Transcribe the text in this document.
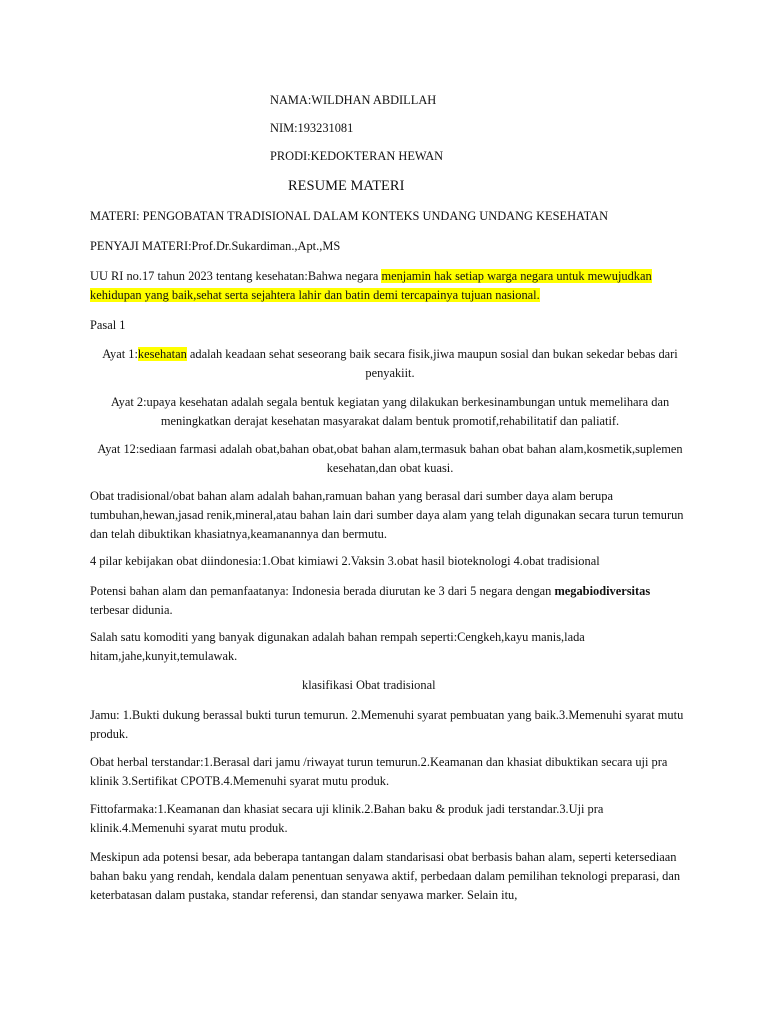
NAMA:WILDHAN ABDILLAH
NIM:193231081
PRODI:KEDOKTERAN HEWAN
RESUME MATERI
MATERI: PENGOBATAN TRADISIONAL DALAM KONTEKS UNDANG UNDANG KESEHATAN
PENYAJI MATERI:Prof.Dr.Sukardiman.,Apt.,MS

UU RI no.17 tahun 2023 tentang kesehatan:Bahwa negara menjamin hak setiap warga negara untuk mewujudkan kehidupan yang baik,sehat serta sejahtera lahir dan batin demi tercapainya tujuan nasional.

Pasal 1

Ayat 1:kesehatan adalah keadaan sehat seseorang baik secara fisik,jiwa maupun sosial dan bukan sekedar bebas dari penyakiit.

Ayat 2:upaya kesehatan adalah segala bentuk kegiatan yang dilakukan berkesinambungan untuk memelihara dan meningkatkan derajat kesehatan masyarakat dalam bentuk promotif,rehabilitatif dan paliatif.

Ayat 12:sediaan farmasi adalah obat,bahan obat,obat bahan alam,termasuk bahan obat bahan alam,kosmetik,suplemen kesehatan,dan obat kuasi.

Obat tradisional/obat bahan alam adalah bahan,ramuan bahan yang berasal dari sumber daya alam berupa tumbuhan,hewan,jasad renik,mineral,atau bahan lain dari sumber daya alam yang telah digunakan secara turun temurun dan telah dibuktikan khasiatnya,keamanannya dan bermutu.

4 pilar kebijakan obat diindonesia:1.Obat kimiawi 2.Vaksin 3.obat hasil bioteknologi 4.obat tradisional

Potensi bahan alam dan pemanfaatanya: Indonesia berada diurutan ke 3 dari 5 negara dengan megabiodiversitas terbesar didunia.

Salah satu komoditi yang banyak digunakan adalah bahan rempah seperti:Cengkeh,kayu manis,lada hitam,jahe,kunyit,temulawak.

klasifikasi Obat tradisional

Jamu: 1.Bukti dukung berassal bukti turun temurun. 2.Memenuhi syarat pembuatan yang baik.3.Memenuhi syarat mutu produk.

Obat herbal terstandar:1.Berasal dari jamu /riwayat turun temurun.2.Keamanan dan khasiat dibuktikan secara uji pra klinik 3.Sertifikat CPOTB.4.Memenuhi syarat mutu produk.

Fittofarmaka:1.Keamanan dan khasiat secara uji klinik.2.Bahan baku & produk jadi terstandar.3.Uji pra klinik.4.Memenuhi syarat mutu produk.

Meskipun ada potensi besar, ada beberapa tantangan dalam standarisasi obat berbasis bahan alam, seperti ketersediaan bahan baku yang rendah, kendala dalam penentuan senyawa aktif, perbedaan dalam pemilihan teknologi preparasi, dan keterbatasan dalam pustaka, standar referensi, dan standar senyawa marker. Selain itu,
